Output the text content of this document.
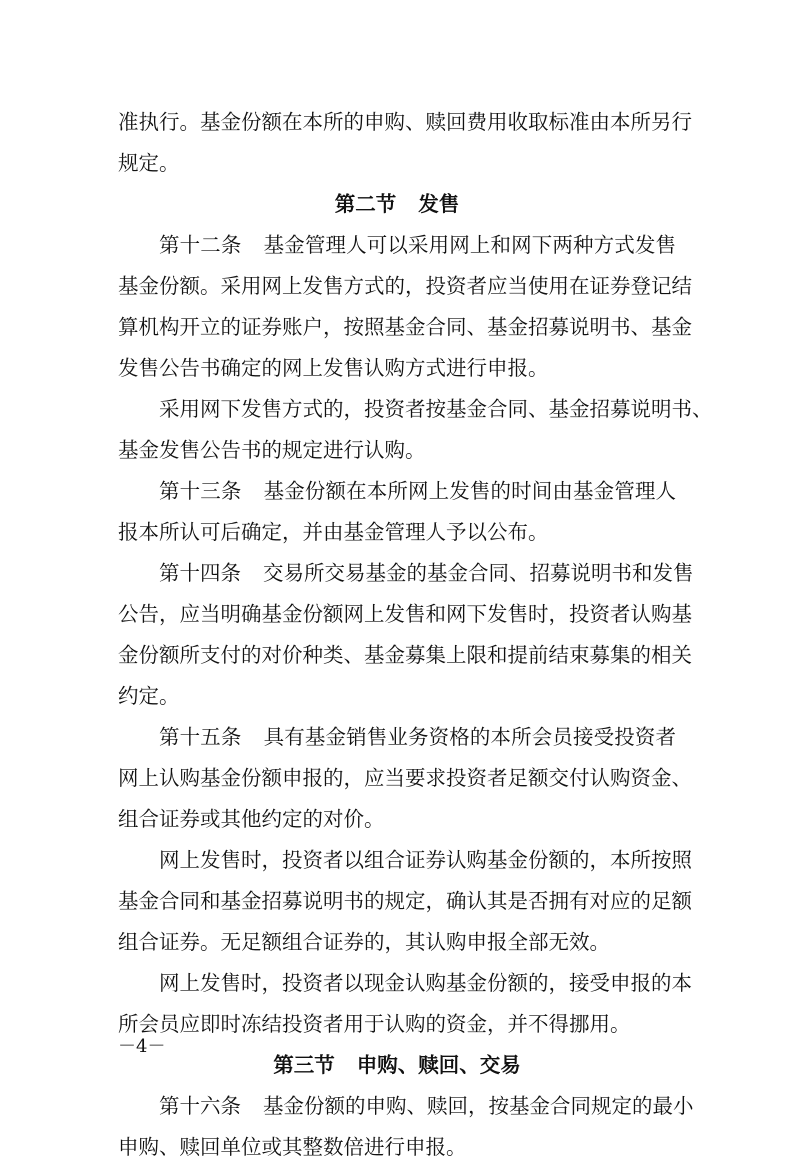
准执行。基金份额在本所的申购、赎回费用收取标准由本所另行
规定。
第二节 发售
第十二条 基金管理人可以采用网上和网下两种方式发售
基金份额。采用网上发售方式的，投资者应当使用在证券登记结
算机构开立的证券账户，按照基金合同、基金招募说明书、基金
发售公告书确定的网上发售认购方式进行申报。
采用网下发售方式的，投资者按基金合同、基金招募说明书、
基金发售公告书的规定进行认购。
第十三条 基金份额在本所网上发售的时间由基金管理人
报本所认可后确定，并由基金管理人予以公布。
第十四条 交易所交易基金的基金合同、招募说明书和发售
公告，应当明确基金份额网上发售和网下发售时，投资者认购基
金份额所支付的对价种类、基金募集上限和提前结束募集的相关
约定。
第十五条 具有基金销售业务资格的本所会员接受投资者
网上认购基金份额申报的，应当要求投资者足额交付认购资金、
组合证券或其他约定的对价。
网上发售时，投资者以组合证券认购基金份额的，本所按照
基金合同和基金招募说明书的规定，确认其是否拥有对应的足额
组合证券。无足额组合证券的，其认购申报全部无效。
网上发售时，投资者以现金认购基金份额的，接受申报的本
所会员应即时冻结投资者用于认购的资金，并不得挪用。
第三节 申购、赎回、交易
第十六条 基金份额的申购、赎回，按基金合同规定的最小
申购、赎回单位或其整数倍进行申报。
－4－
